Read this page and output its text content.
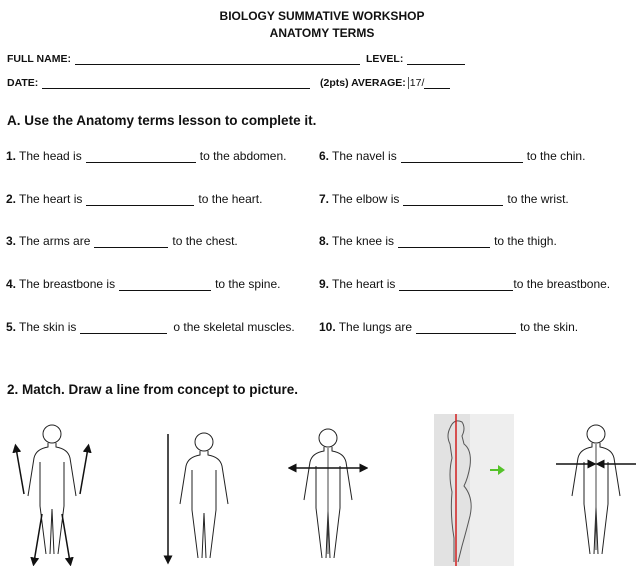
BIOLOGY SUMMATIVE WORKSHOP
ANATOMY TERMS
FULL NAME:	LEVEL:
DATE:	(2pts) AVERAGE: 17/
A. Use the Anatomy terms lesson to complete it.
1. The head is	to the abdomen.
2. The heart is	to the heart.
3. The arms are	to the chest.
4. The breastbone is	to the spine.
5. The skin is	o the skeletal muscles.
6. The navel is	to the chin.
7. The elbow is	to the wrist.
8. The knee is	to the thigh.
9. The heart is	to the breastbone.
10. The lungs are	to the skin.
2. Match. Draw a line from concept to picture.
